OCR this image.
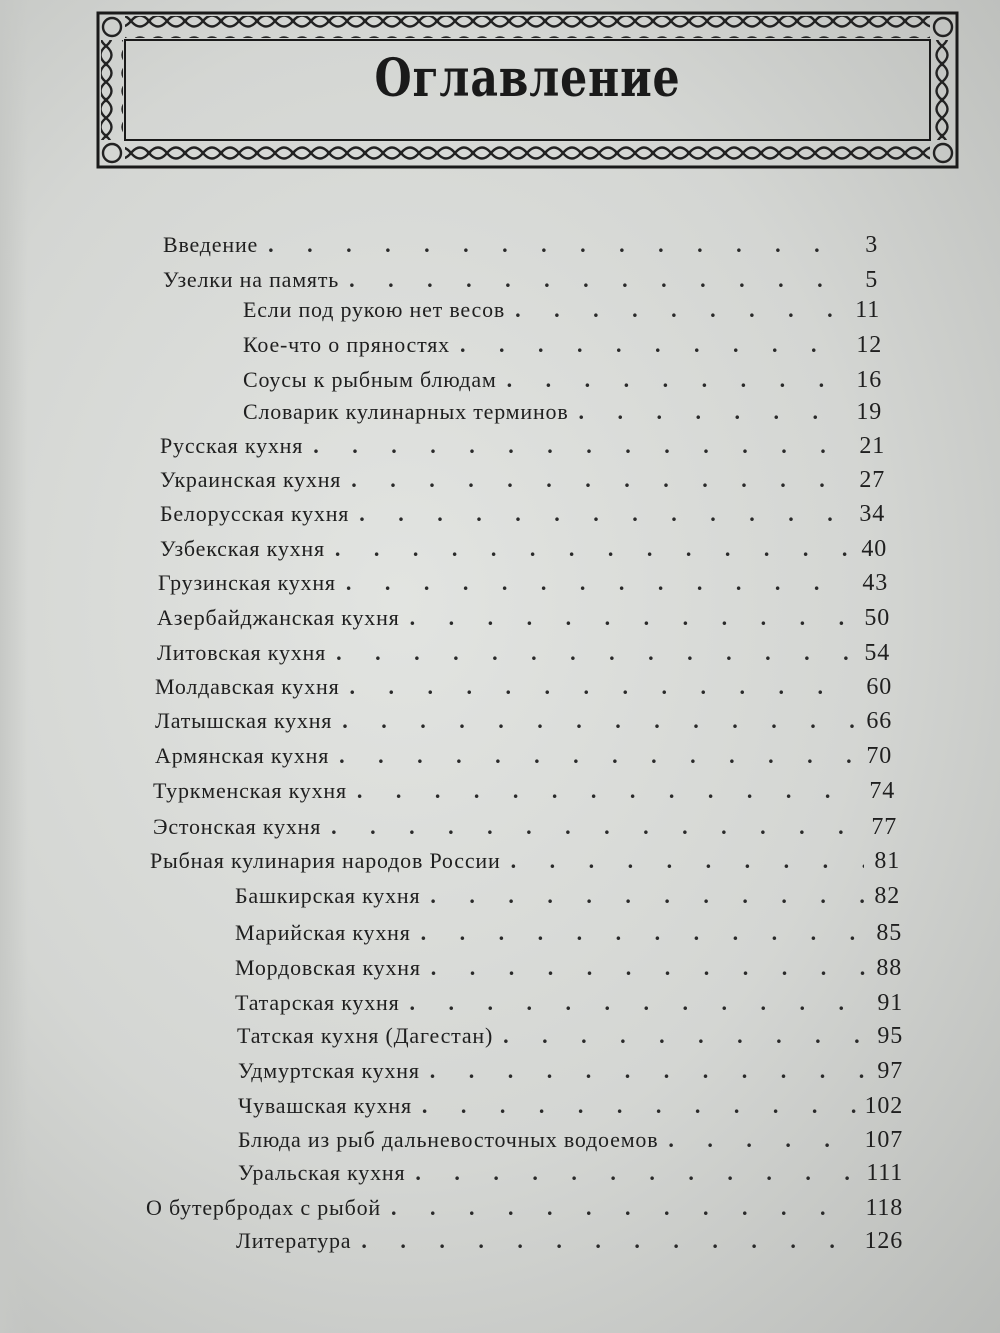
Оглавление
Введение . . .	3
Узелки на память . . .	5
Если под рукою нет весов . . .	11
Кое-что о пряностях . . .	12
Соусы к рыбным блюдам . . .	16
Словарик кулинарных терминов . . .	19
Русская кухня . . .	21
Украинская кухня . . .	27
Белорусская кухня . . .	34
Узбекская кухня . . .	40
Грузинская кухня . . .	43
Азербайджанская кухня . . .	50
Литовская кухня . . .	54
Молдавская кухня . . .	60
Латышская кухня . . .	66
Армянская кухня . . .	70
Туркменская кухня . . .	74
Эстонская кухня . . .	77
Рыбная кулинария народов России . . .	81
Башкирская кухня . . .	82
Марийская кухня . . .	85
Мордовская кухня . . .	88
Татарская кухня . . .	91
Татская кухня (Дагестан) . . .	95
Удмуртская кухня . . .	97
Чувашская кухня . . .	102
Блюда из рыб дальневосточных водоемов . . .	107
Уральская кухня . . .	111
О бутербродах с рыбой . . .	118
Литература . . .	126
